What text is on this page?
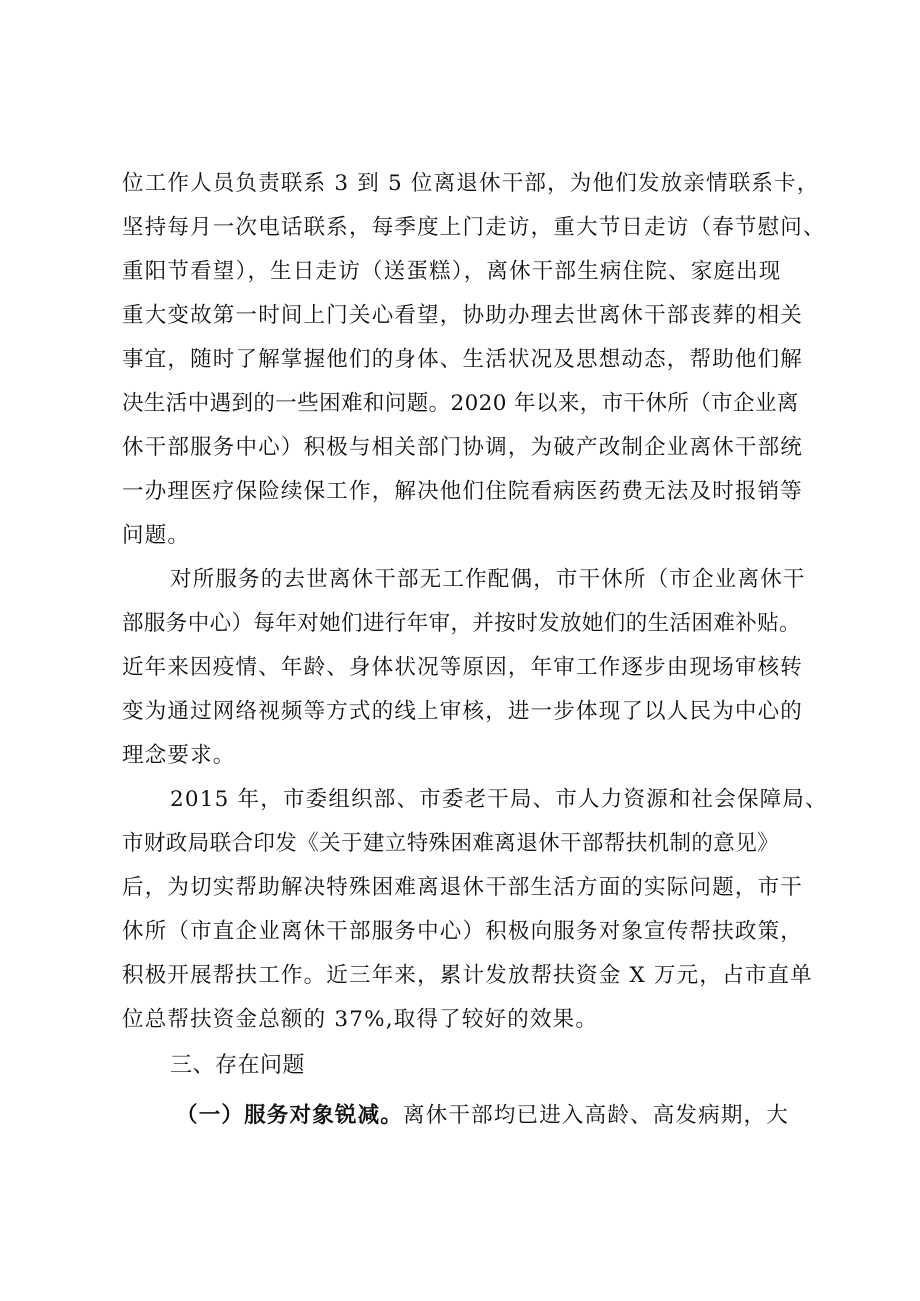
位工作人员负责联系 3 到 5 位离退休干部，为他们发放亲情联系卡，
坚持每月一次电话联系，每季度上门走访，重大节日走访（春节慰问、
重阳节看望），生日走访（送蛋糕），离休干部生病住院、家庭出现
重大变故第一时间上门关心看望，协助办理去世离休干部丧葬的相关
事宜，随时了解掌握他们的身体、生活状况及思想动态，帮助他们解
决生活中遇到的一些困难和问题。2020 年以来，市干休所（市企业离
休干部服务中心）积极与相关部门协调，为破产改制企业离休干部统
一办理医疗保险续保工作，解决他们住院看病医药费无法及时报销等
问题。
对所服务的去世离休干部无工作配偶，市干休所（市企业离休干
部服务中心）每年对她们进行年审，并按时发放她们的生活困难补贴。
近年来因疫情、年龄、身体状况等原因，年审工作逐步由现场审核转
变为通过网络视频等方式的线上审核，进一步体现了以人民为中心的
理念要求。
2015 年，市委组织部、市委老干局、市人力资源和社会保障局、
市财政局联合印发《关于建立特殊困难离退休干部帮扶机制的意见》
后，为切实帮助解决特殊困难离退休干部生活方面的实际问题，市干
休所（市直企业离休干部服务中心）积极向服务对象宣传帮扶政策，
积极开展帮扶工作。近三年来，累计发放帮扶资金 X 万元，占市直单
位总帮扶资金总额的 37%,取得了较好的效果。
三、存在问题
（一）服务对象锐减。离休干部均已进入高龄、高发病期，大
